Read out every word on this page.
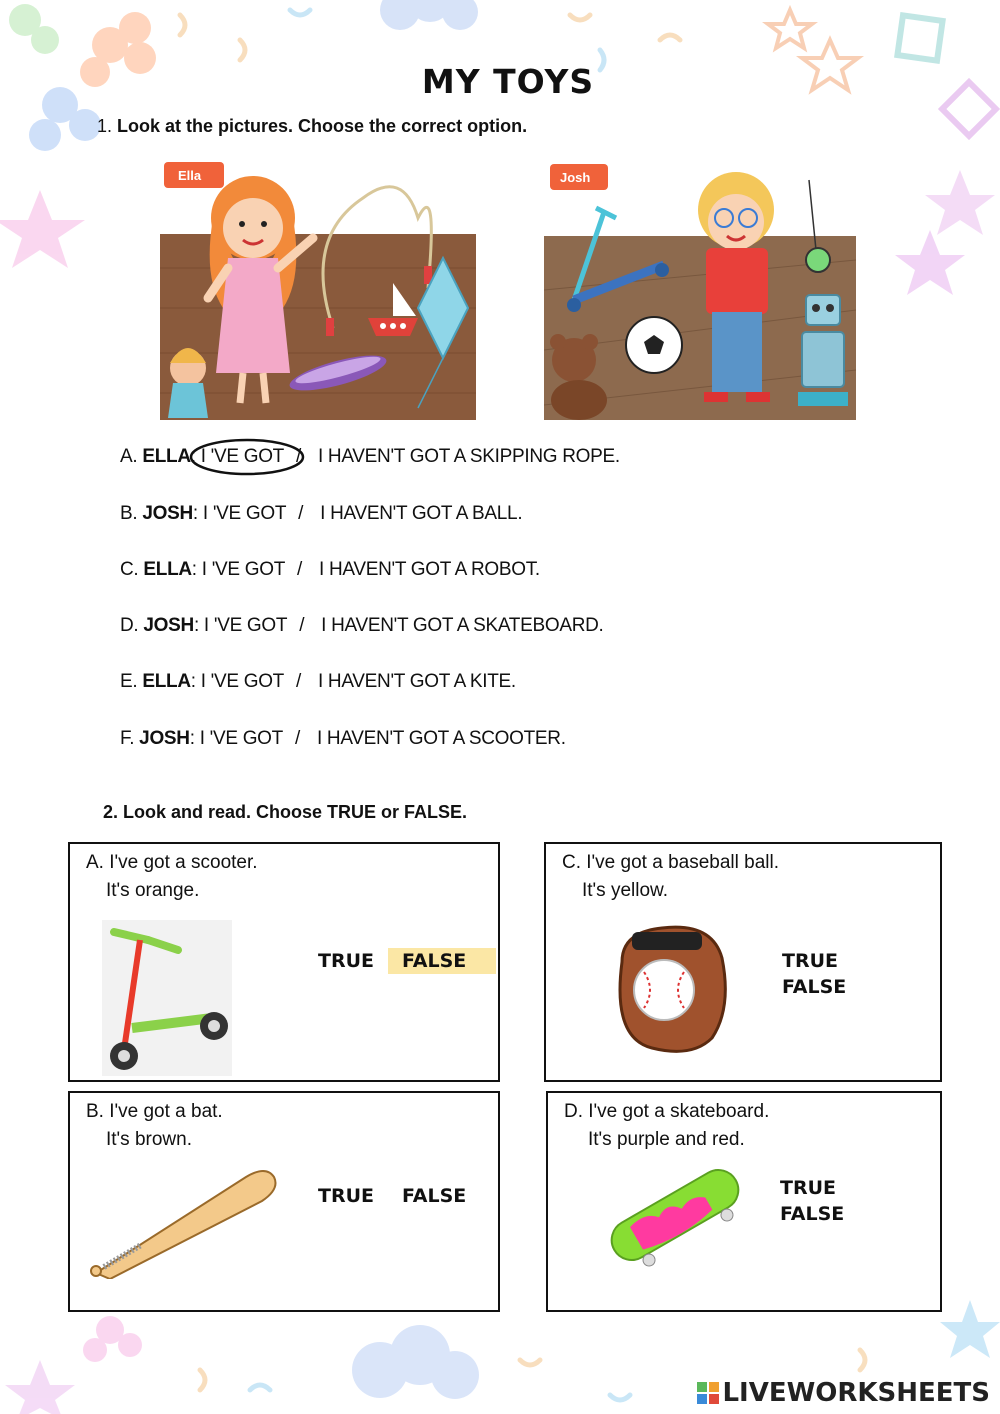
MY TOYS
1. Look at the pictures. Choose the correct option.
Ella	Josh
A. ELLA: I 'VE GOT / I HAVEN'T GOT A SKIPPING ROPE.
B. JOSH: I 'VE GOT / I HAVEN'T GOT A BALL.
C. ELLA: I 'VE GOT / I HAVEN'T GOT A ROBOT.
D. JOSH: I 'VE GOT / I HAVEN'T GOT A SKATEBOARD.
E. ELLA: I 'VE GOT / I HAVEN'T GOT A KITE.
F. JOSH: I 'VE GOT / I HAVEN'T GOT A SCOOTER.
2. Look and read. Choose TRUE or FALSE.
A. I've got a scooter.
It's orange.
TRUE FALSE
C. I've got a baseball ball.
It's yellow.
TRUEFALSE
B. I've got a bat.
It's brown.
TRUE FALSE
D. I've got a skateboard.
It's purple and red.
TRUEFALSE
LIVEWORKSHEETS
